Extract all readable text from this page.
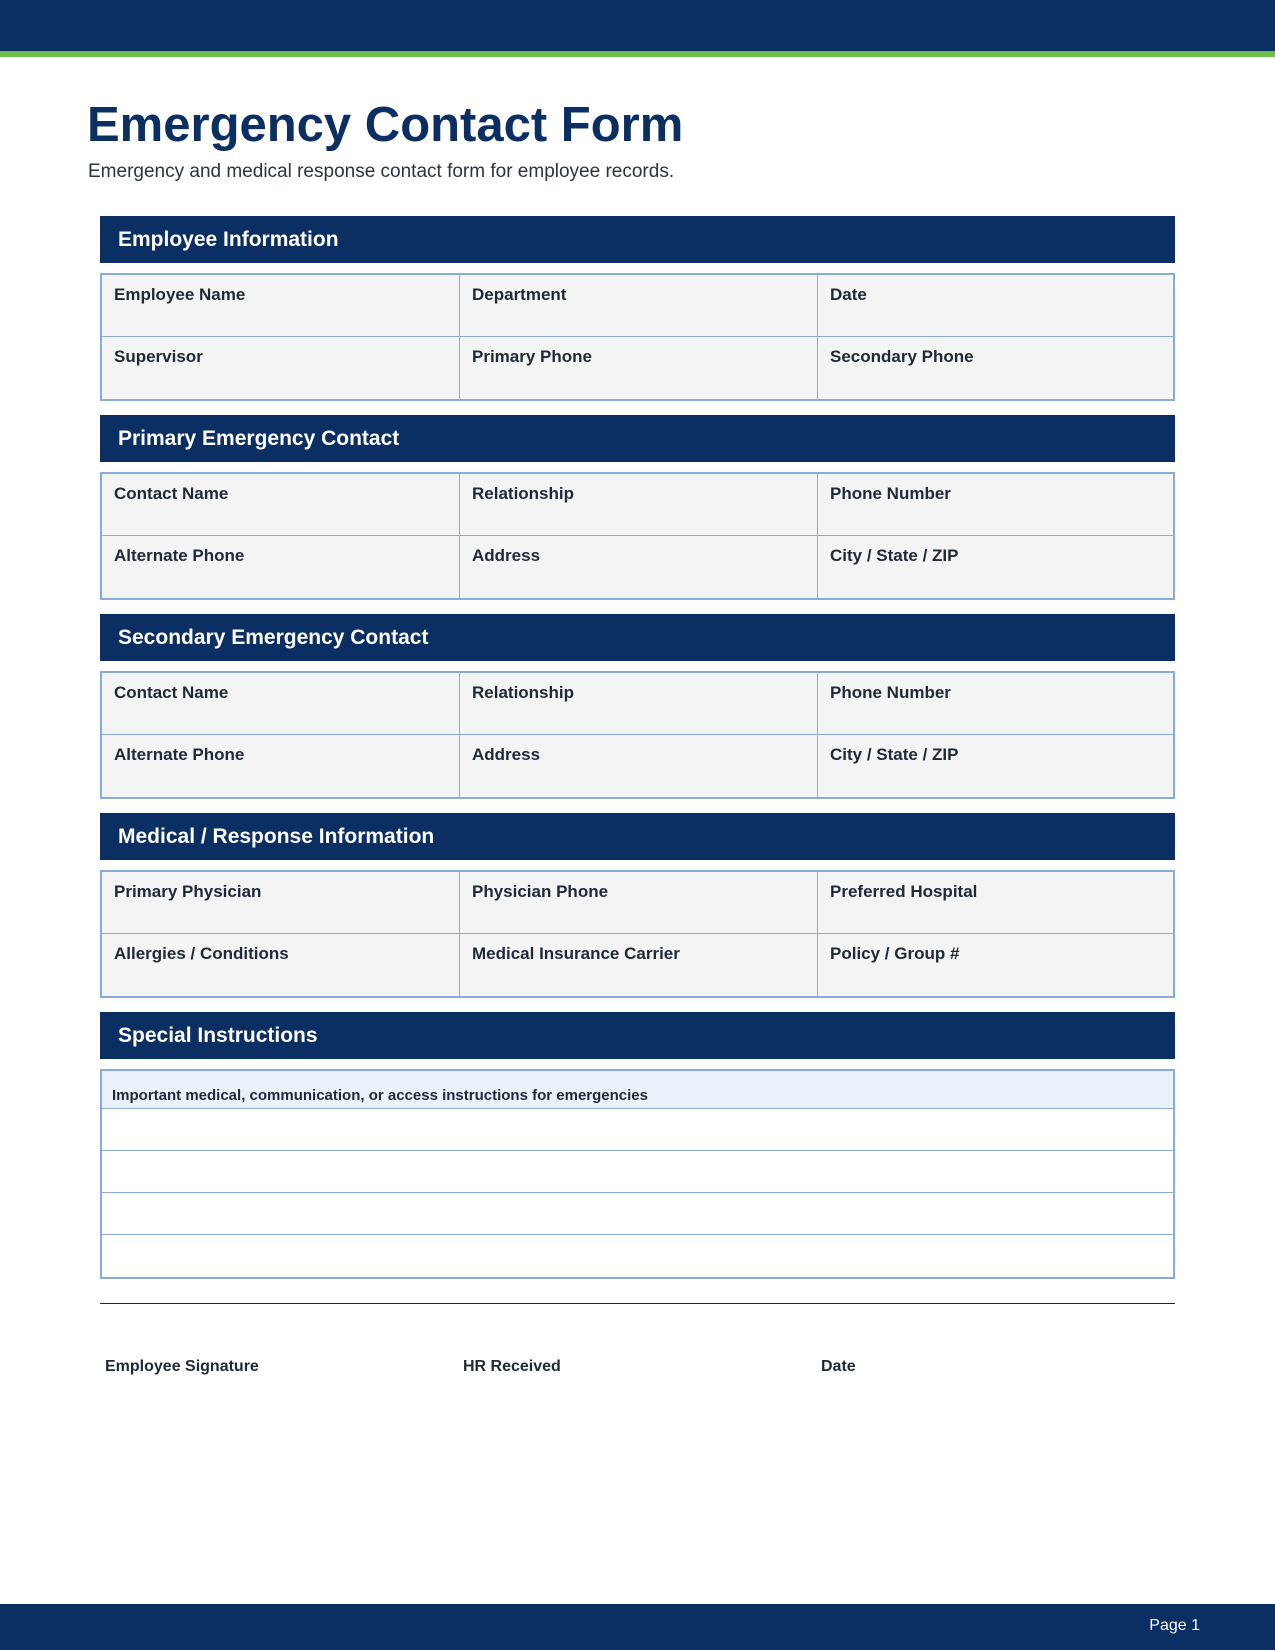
Emergency Contact Form

Emergency and medical response contact form for employee records.

Employee Information
Employee Name	Department	Date
Supervisor	Primary Phone	Secondary Phone
Primary Emergency Contact
Contact Name	Relationship	Phone Number
Alternate Phone	Address	City / State / ZIP
Secondary Emergency Contact
Contact Name	Relationship	Phone Number
Alternate Phone	Address	City / State / ZIP
Medical / Response Information
Primary Physician	Physician Phone	Preferred Hospital
Allergies / Conditions	Medical Insurance Carrier	Policy / Group #
Special Instructions
Important medical, communication, or access instructions for emergencies
Employee Signature	HR Received	Date
Page 1
